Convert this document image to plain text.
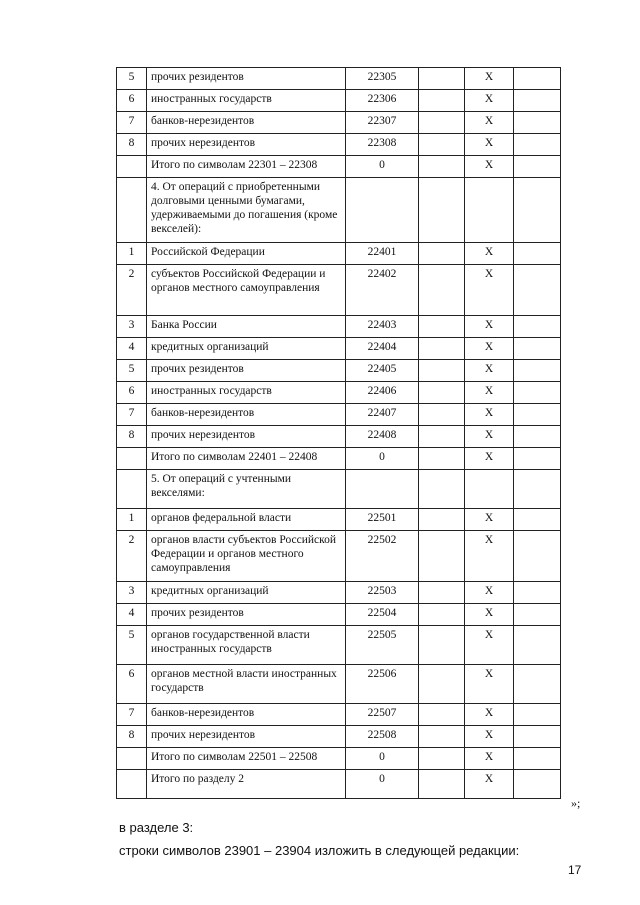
5	прочих резидентов	22305		X	
6	иностранных государств	22306		X	
7	банков-нерезидентов	22307		X	
8	прочих нерезидентов	22308		X	
	Итого по символам 22301 – 22308	0		X	
	4. От операций с приобретенными долговыми ценными бумагами, удерживаемыми до погашения (кроме векселей):				
1	Российской Федерации	22401		X	
2	субъектов Российской Федерации и органов местного самоуправления	22402		X	
3	Банка России	22403		X	
4	кредитных организаций	22404		X	
5	прочих резидентов	22405		X	
6	иностранных государств	22406		X	
7	банков-нерезидентов	22407		X	
8	прочих нерезидентов	22408		X	
	Итого по символам 22401 – 22408	0		X	
	5. От операций с учтенными векселями:				
1	органов федеральной власти	22501		X	
2	органов власти субъектов Российской Федерации и органов местного самоуправления	22502		X	
3	кредитных организаций	22503		X	
4	прочих резидентов	22504		X	
5	органов государственной власти иностранных государств	22505		X	
6	органов местной власти иностранных государств	22506		X	
7	банков-нерезидентов	22507		X	
8	прочих нерезидентов	22508		X	
	Итого по символам 22501 – 22508	0		X	
	Итого по разделу 2	0		X	
»;
в разделе 3:
строки символов 23901 – 23904 изложить в следующей редакции:
17
